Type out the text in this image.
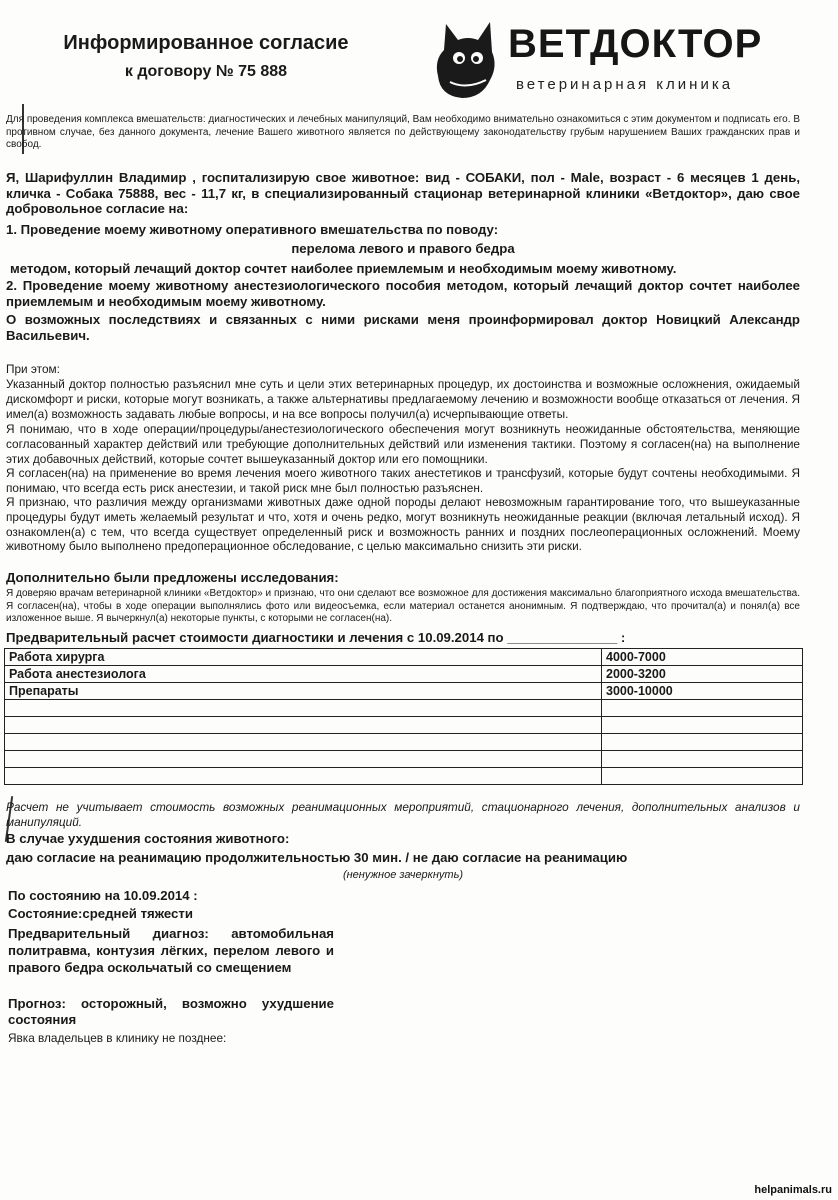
Информированное согласие
к договору № 75 888
ВЕТДОКТОР
ветеринарная клиника

Для проведения комплекса вмешательств: диагностических и лечебных манипуляций, Вам необходимо внимательно ознакомиться с этим документом и подписать его. В противном случае, без данного документа, лечение Вашего животного является по действующему законодательству грубым нарушением Ваших гражданских прав и свобод.

Я, Шарифуллин Владимир , госпитализирую свое животное: вид - СОБАКИ, пол - Male, возраст - 6 месяцев 1 день, кличка - Собака 75888, вес - 11,7 кг, в специализированный стационар ветеринарной клиники «Ветдоктор», даю свое добровольное согласие на:

1. Проведение моему животному оперативного вмешательства по поводу:

перелома левого и правого бедра

методом, который лечащий доктор сочтет наиболее приемлемым и необходимым моему животному.

2. Проведение моему животному анестезиологического пособия методом, который лечащий доктор сочтет наиболее приемлемым и необходимым моему животному.

О возможных последствиях и связанных с ними рисками меня проинформировал доктор Новицкий Александр Васильевич.

При этом:

Указанный доктор полностью разъяснил мне суть и цели этих ветеринарных процедур, их достоинства и возможные осложнения, ожидаемый дискомфорт и риски, которые могут возникать, а также альтернативы предлагаемому лечению и возможности вообще отказаться от лечения. Я имел(а) возможность задавать любые вопросы, и на все вопросы получил(а) исчерпывающие ответы.

Я понимаю, что в ходе операции/процедуры/анестезиологического обеспечения могут возникнуть неожиданные обстоятельства, меняющие согласованный характер действий или требующие дополнительных действий или изменения тактики. Поэтому я согласен(на) на выполнение этих добавочных действий, которые сочтет вышеуказанный доктор или его помощники.

Я согласен(на) на применение во время лечения моего животного таких анестетиков и трансфузий, которые будут сочтены необходимыми. Я понимаю, что всегда есть риск анестезии, и такой риск мне был полностью разъяснен.

Я признаю, что различия между организмами животных даже одной породы делают невозможным гарантирование того, что вышеуказанные процедуры будут иметь желаемый результат и что, хотя и очень редко, могут возникнуть неожиданные реакции (включая летальный исход). Я ознакомлен(а) с тем, что всегда существует определенный риск и возможность ранних и поздних послеоперационных осложнений. Моему животному было выполнено предоперационное обследование, с целью максимально снизить эти риски.

Дополнительно были предложены исследования:

Я доверяю врачам ветеринарной клиники «Ветдоктор» и признаю, что они сделают все возможное для достижения максимально благоприятного исхода вмешательства. Я согласен(на), чтобы в ходе операции выполнялись фото или видеосъемка, если материал останется анонимным. Я подтверждаю, что прочитал(а) и понял(а) все изложенное выше. Я вычеркнул(а) некоторые пункты, с которыми не согласен(на).

Предварительный расчет стоимости диагностики и лечения с 10.09.2014 по _______________ :

Работа хирурга	4000-7000
Работа анестезиолога	2000-3200
Препараты	3000-10000

Расчет не учитывает стоимость возможных реанимационных мероприятий, стационарного лечения, дополнительных анализов и манипуляций.

В случае ухудшения состояния животного:

даю согласие на реанимацию продолжительностью 30 мин. / не даю согласие на реанимацию

(ненужное зачеркнуть)

По состоянию на 10.09.2014 :

Состояние:средней тяжести

Предварительный диагноз: автомобильная политравма, контузия лёгких, перелом левого и правого бедра оскольчатый со смещением

Прогноз: осторожный, возможно ухудшение состояния

Явка владельцев в клинику не позднее:

helpanimals.ru
